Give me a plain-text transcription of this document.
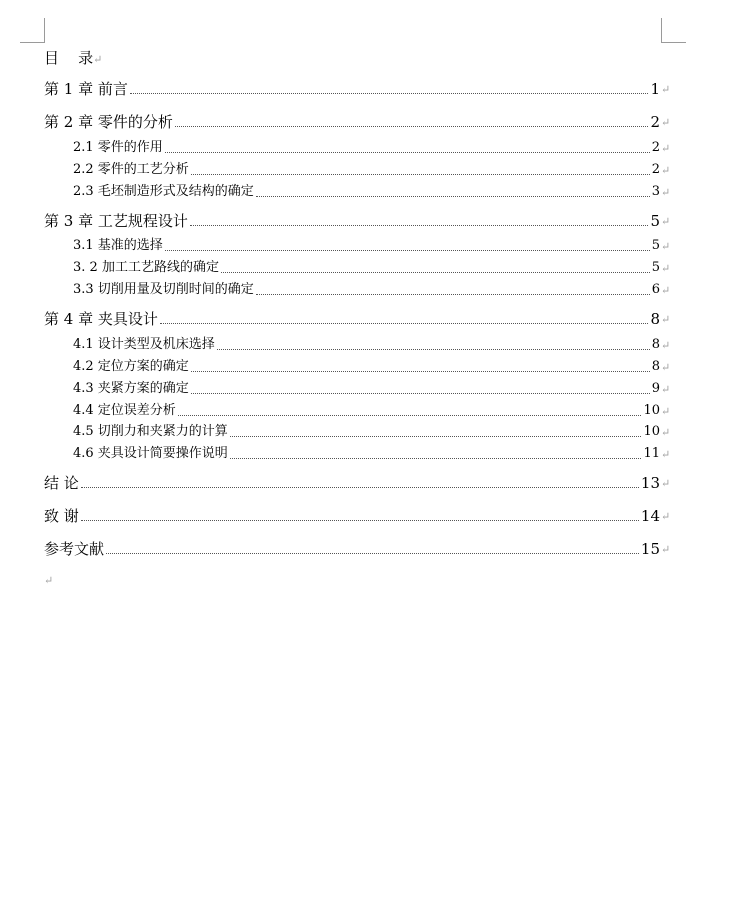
目    录↵
第 1 章 前言	1
第 2 章 零件的分析	2
2.1 零件的作用	2
2.2 零件的工艺分析	2
2.3 毛坯制造形式及结构的确定	3
第 3 章 工艺规程设计	5
3.1 基准的选择	5
3. 2 加工工艺路线的确定	5
3.3 切削用量及切削时间的确定	6
第 4 章 夹具设计	8
4.1 设计类型及机床选择	8
4.2 定位方案的确定	8
4.3 夹紧方案的确定	9
4.4 定位误差分析	10
4.5 切削力和夹紧力的计算	10
4.6 夹具设计简要操作说明	11
结 论	13
致 谢	14
参考文献	15
↵
↵
↵
↵
↵
↵
↵
↵
↵
↵
↵
↵
↵
↵
↵
↵
↵
↵
↵
↵
